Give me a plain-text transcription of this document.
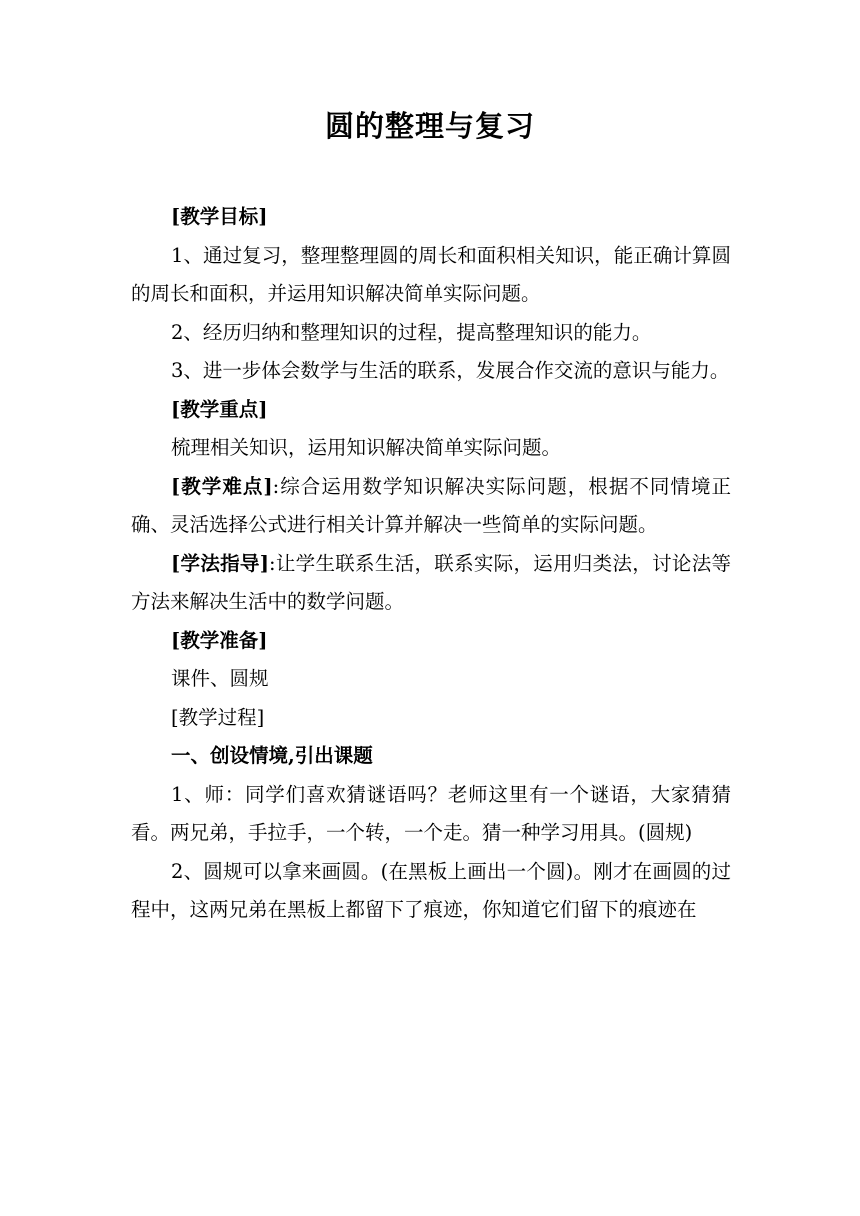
圆的整理与复习

[教学目标]

1、通过复习，整理整理圆的周长和面积相关知识，能正确计算圆的周长和面积，并运用知识解决简单实际问题。

2、经历归纳和整理知识的过程，提高整理知识的能力。

3、进一步体会数学与生活的联系，发展合作交流的意识与能力。

[教学重点]

梳理相关知识，运用知识解决简单实际问题。

[教学难点]:综合运用数学知识解决实际问题，根据不同情境正确、灵活选择公式进行相关计算并解决一些简单的实际问题。

[学法指导]:让学生联系生活，联系实际，运用归类法，讨论法等方法来解决生活中的数学问题。

[教学准备]

课件、圆规

[教学过程]

一、创设情境,引出课题

1、师：同学们喜欢猜谜语吗？老师这里有一个谜语，大家猜猜看。两兄弟，手拉手，一个转，一个走。猜一种学习用具。(圆规)

2、圆规可以拿来画圆。(在黑板上画出一个圆)。刚才在画圆的过程中，这两兄弟在黑板上都留下了痕迹，你知道它们留下的痕迹在
